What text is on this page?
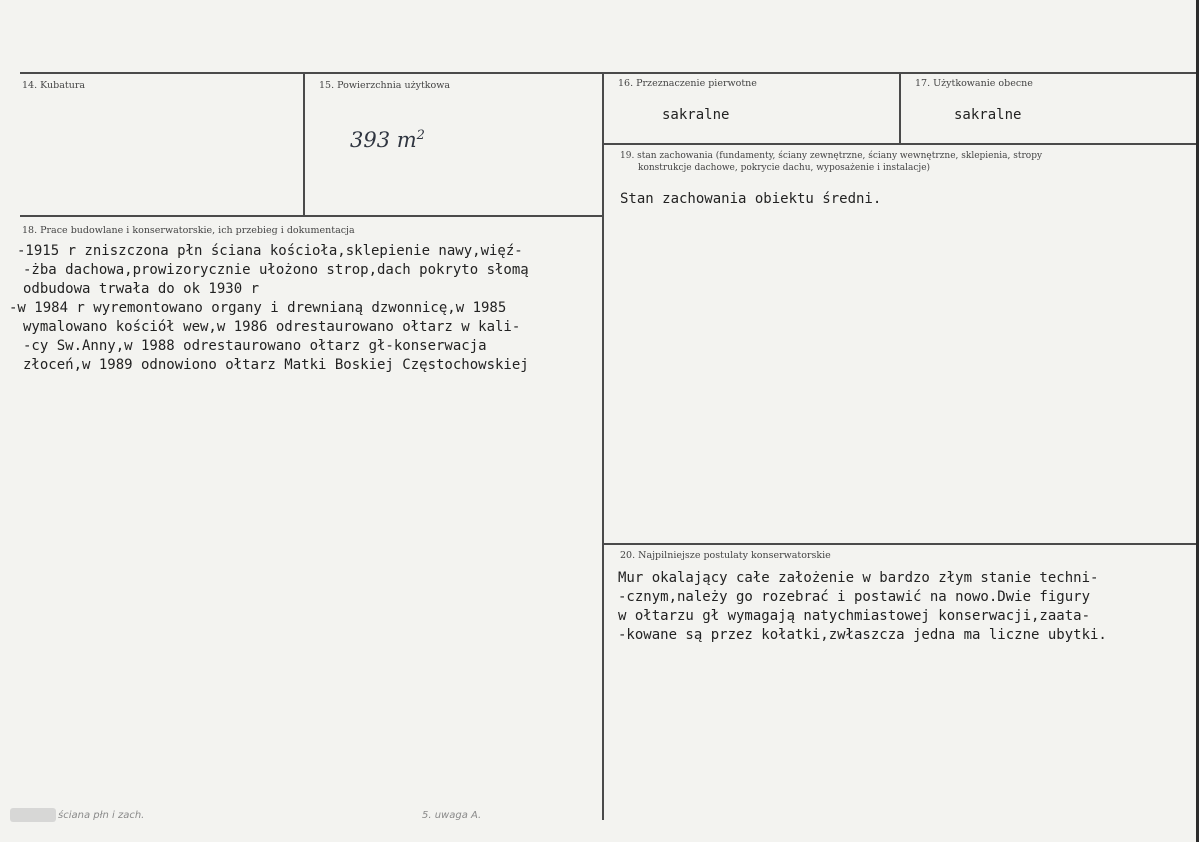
14. Kubatura	15. Powierzchnia użytkowa
393 $m^2$
16. Przeznaczenie pierwotne
sakralne
17. Użytkowanie obecne
sakralne
19. stan zachowania (fundamenty, ściany zewnętrzne, ściany wewnętrzne, sklepienia, stropy
konstrukcje dachowe, pokrycie dachu, wyposażenie i instalacje)
Stan zachowania obiektu średni.
18. Prace budowlane i konserwatorskie, ich przebieg i dokumentacja
-1915 r zniszczona płn ściana kościoła,sklepienie nawy,więź-
-żba dachowa,prowizorycznie ułożono strop,dach pokryto słomą
odbudowa trwała do ok 1930 r
-w 1984 r wyremontowano organy i drewnianą dzwonnicę,w 1985
wymalowano kościół wew,w 1986 odrestaurowano ołtarz w kali-
-cy Sw.Anny,w 1988 odrestaurowano ołtarz gł-konserwacja
złoceń,w 1989 odnowiono ołtarz Matki Boskiej Częstochowskiej
20. Najpilniejsze postulaty konserwatorskie
Mur okalający całe założenie w bardzo złym stanie techni-
-cznym,należy go rozebrać i postawić na nowo.Dwie figury
w ołtarzu gł wymagają natychmiastowej konserwacji,zaata-
-kowane są przez kołatki,zwłaszcza jedna ma liczne ubytki.
ściana płn i zach.	5. uwaga A.
